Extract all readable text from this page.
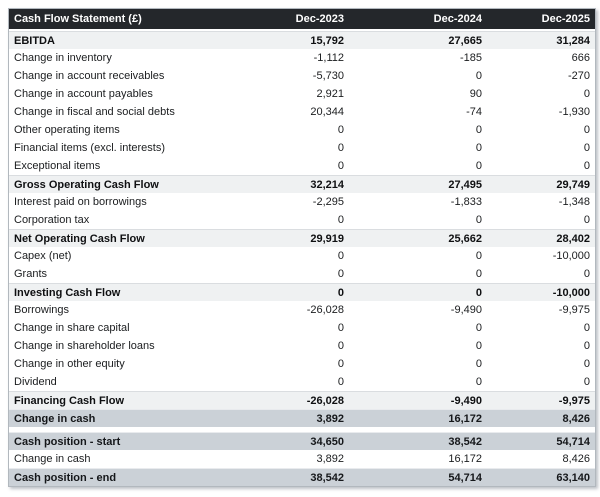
Cash Flow Statement (£)	Dec-2023	Dec-2024	Dec-2025
EBITDA	15,792	27,665	31,284
Change in inventory	-1,112	-185	666
Change in account receivables	-5,730	0	-270
Change in account payables	2,921	90	0
Change in fiscal and social debts	20,344	-74	-1,930
Other operating items	0	0	0
Financial items (excl. interests)	0	0	0
Exceptional items	0	0	0
Gross Operating Cash Flow	32,214	27,495	29,749
Interest paid on borrowings	-2,295	-1,833	-1,348
Corporation tax	0	0	0
Net Operating Cash Flow	29,919	25,662	28,402
Capex (net)	0	0	-10,000
Grants	0	0	0
Investing Cash Flow	0	0	-10,000
Borrowings	-26,028	-9,490	-9,975
Change in share capital	0	0	0
Change in shareholder loans	0	0	0
Change in other equity	0	0	0
Dividend	0	0	0
Financing Cash Flow	-26,028	-9,490	-9,975
Change in cash	3,892	16,172	8,426
Cash position - start	34,650	38,542	54,714
Change in cash	3,892	16,172	8,426
Cash position - end	38,542	54,714	63,140
